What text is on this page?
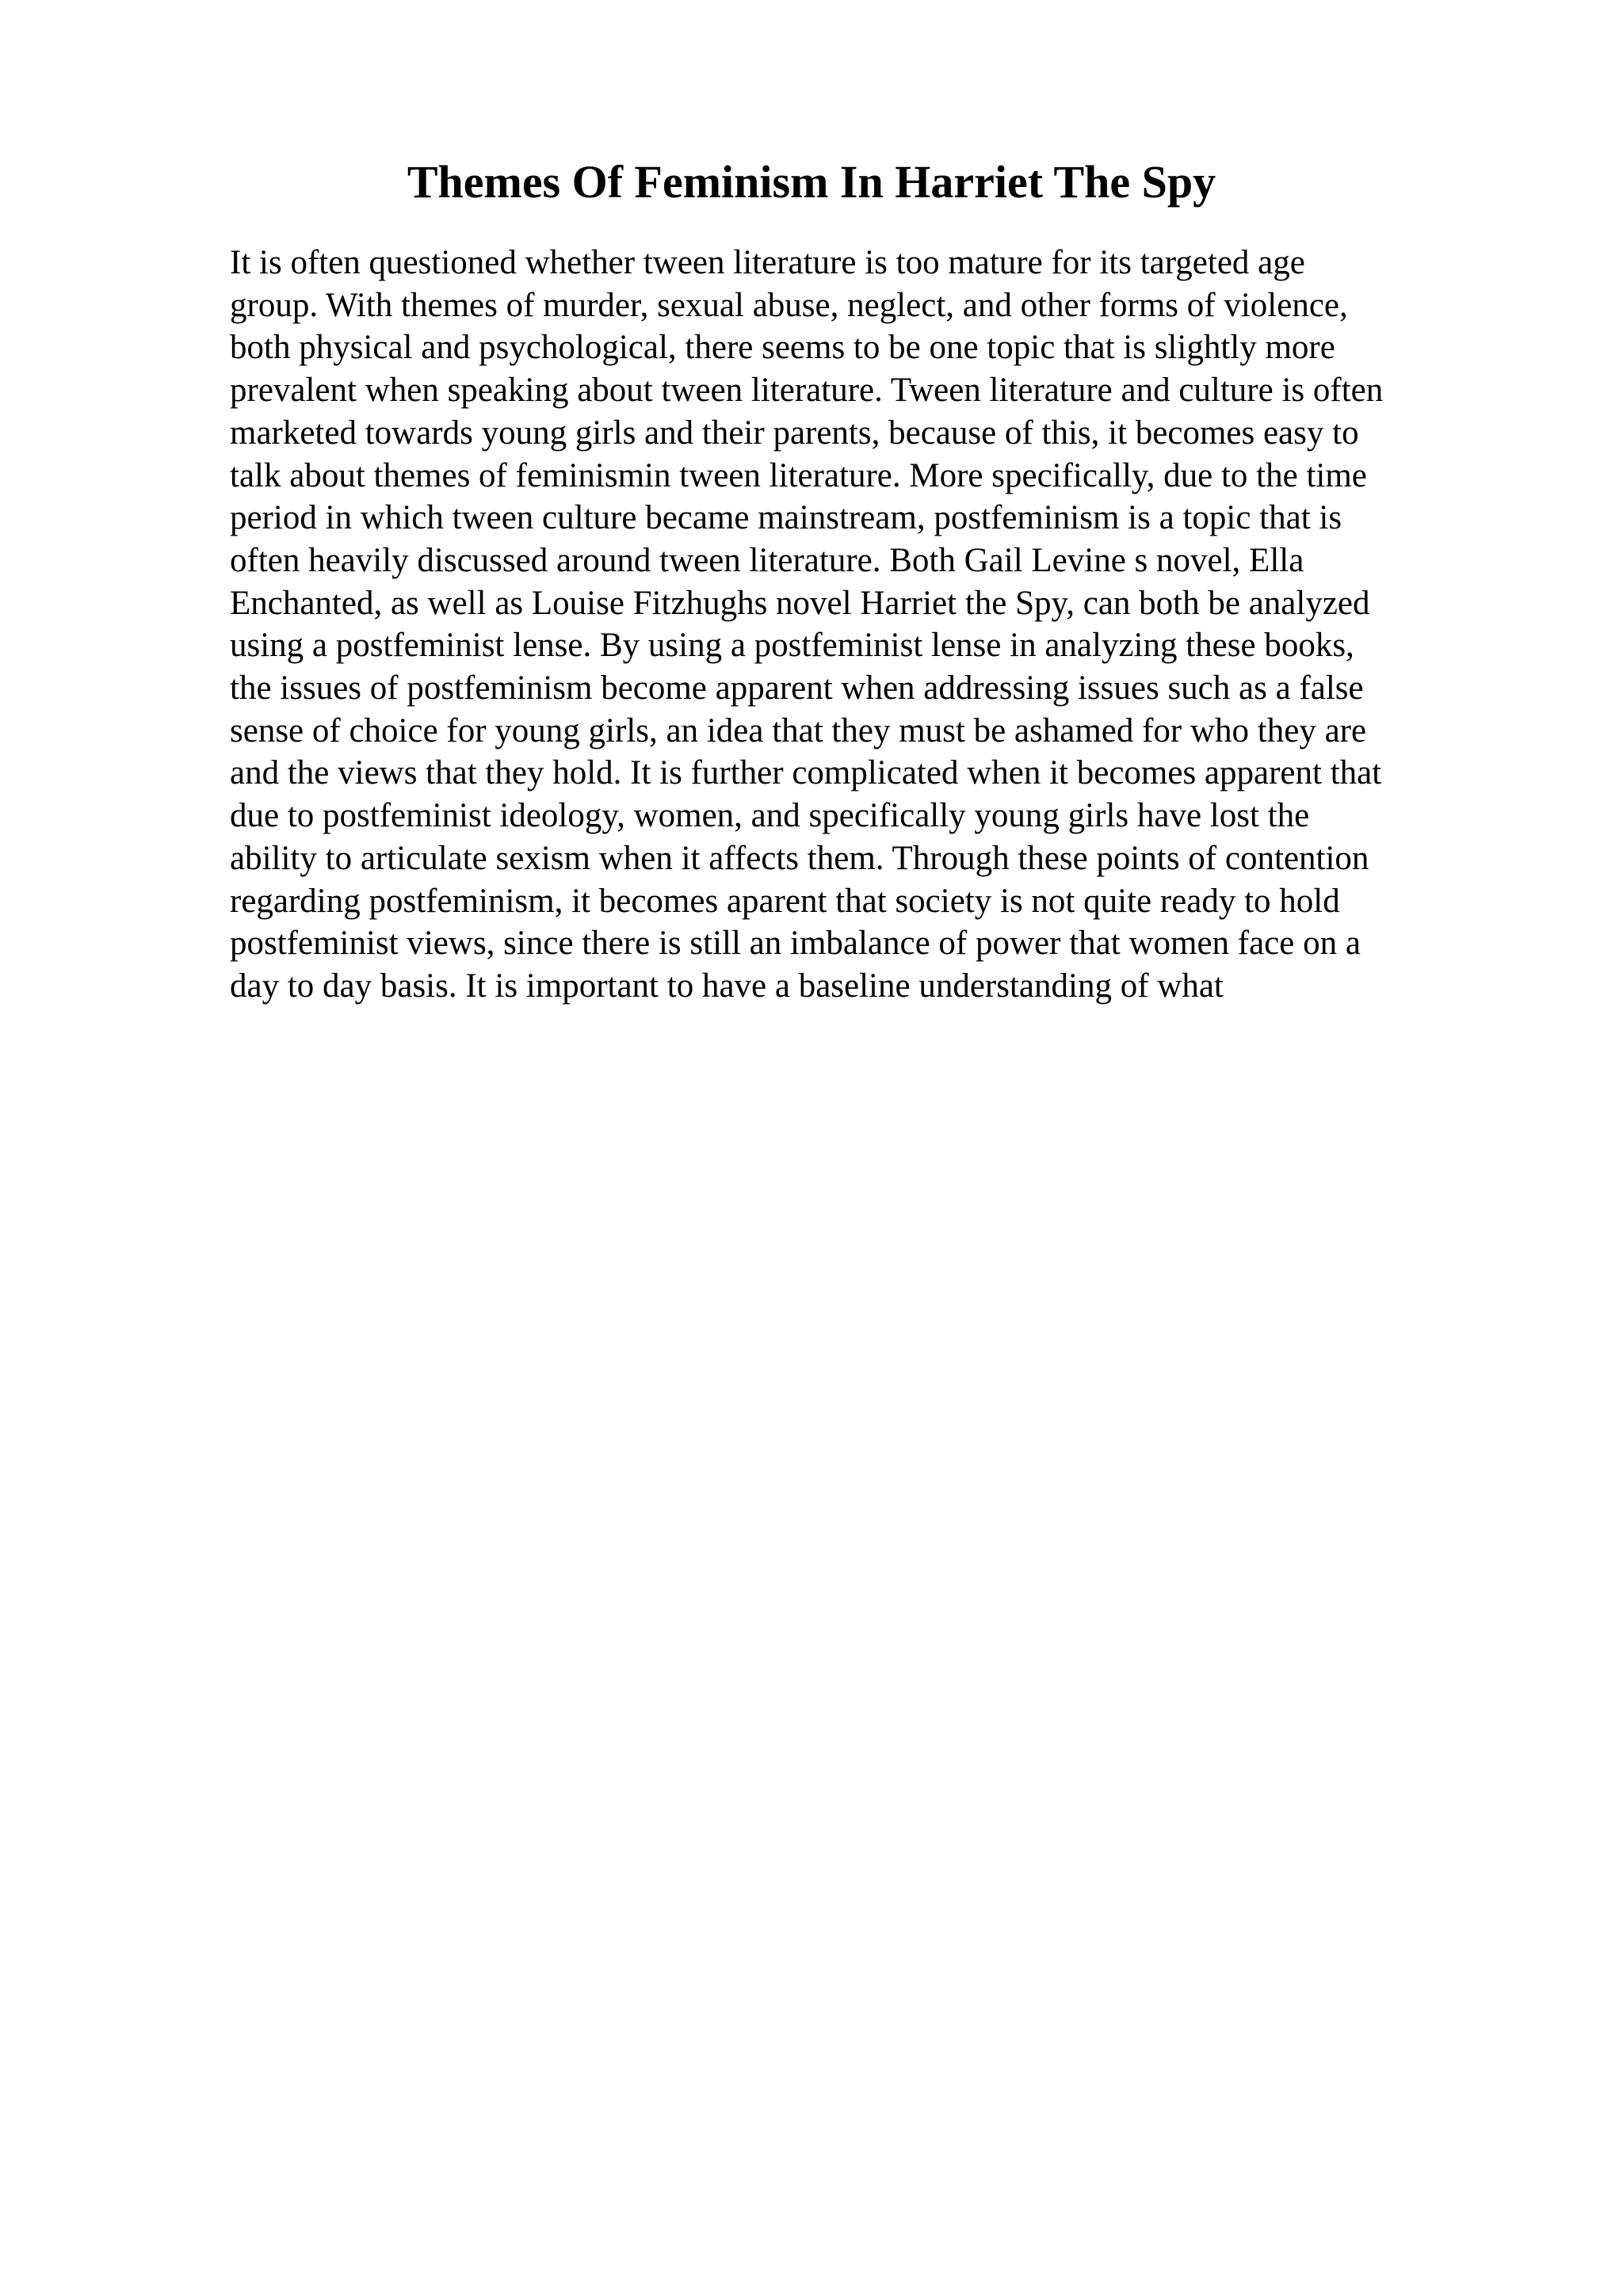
Themes Of Feminism In Harriet The Spy
It is often questioned whether tween literature is too mature for its targeted age
group. With themes of murder, sexual abuse, neglect, and other forms of violence,
both physical and psychological, there seems to be one topic that is slightly more
prevalent when speaking about tween literature. Tween literature and culture is often
marketed towards young girls and their parents, because of this, it becomes easy to
talk about themes of feminismin tween literature. More specifically, due to the time
period in which tween culture became mainstream, postfeminism is a topic that is
often heavily discussed around tween literature. Both Gail Levine s novel, Ella
Enchanted, as well as Louise Fitzhughs novel Harriet the Spy, can both be analyzed
using a postfeminist lense. By using a postfeminist lense in analyzing these books,
the issues of postfeminism become apparent when addressing issues such as a false
sense of choice for young girls, an idea that they must be ashamed for who they are
and the views that they hold. It is further complicated when it becomes apparent that
due to postfeminist ideology, women, and specifically young girls have lost the
ability to articulate sexism when it affects them. Through these points of contention
regarding postfeminism, it becomes aparent that society is not quite ready to hold
postfeminist views, since there is still an imbalance of power that women face on a
day to day basis. It is important to have a baseline understanding of what
